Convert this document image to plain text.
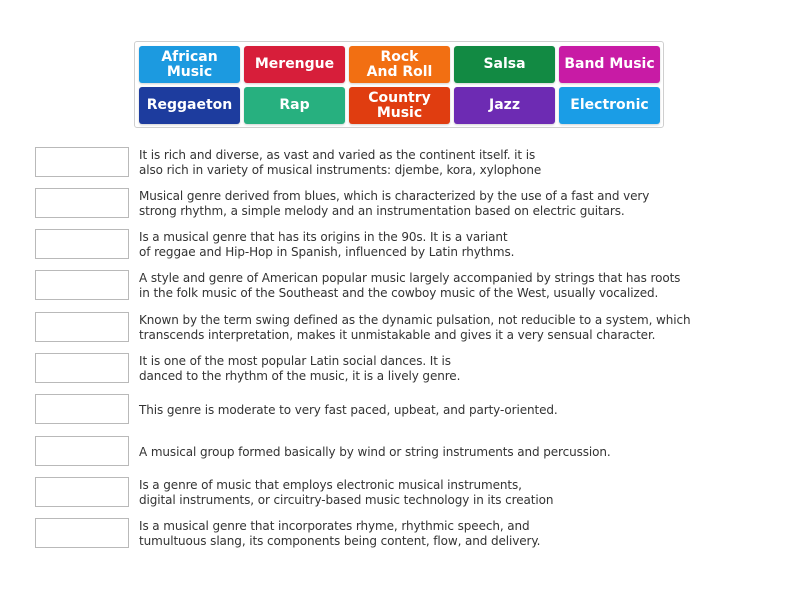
African
Music	Merengue	Rock
And Roll	Salsa	Band Music
Reggaeton	Rap	Country
Music	Jazz	Electronic
It is rich and diverse, as vast and varied as the continent itself. it is
also rich in variety of musical instruments: djembe, kora, xylophone
Musical genre derived from blues, which is characterized by the use of a fast and very
strong rhythm, a simple melody and an instrumentation based on electric guitars.
Is a musical genre that has its origins in the 90s. It is a variant
of reggae and Hip-Hop in Spanish, influenced by Latin rhythms.
A style and genre of American popular music largely accompanied by strings that has roots
in the folk music of the Southeast and the cowboy music of the West, usually vocalized.
Known by the term swing defined as the dynamic pulsation, not reducible to a system, which
transcends interpretation, makes it unmistakable and gives it a very sensual character.
It is one of the most popular Latin social dances. It is
danced to the rhythm of the music, it is a lively genre.
This genre is moderate to very fast paced, upbeat, and party-oriented.
A musical group formed basically by wind or string instruments and percussion.
Is a genre of music that employs electronic musical instruments,
digital instruments, or circuitry-based music technology in its creation
Is a musical genre that incorporates rhyme, rhythmic speech, and
tumultuous slang, its components being content, flow, and delivery.
